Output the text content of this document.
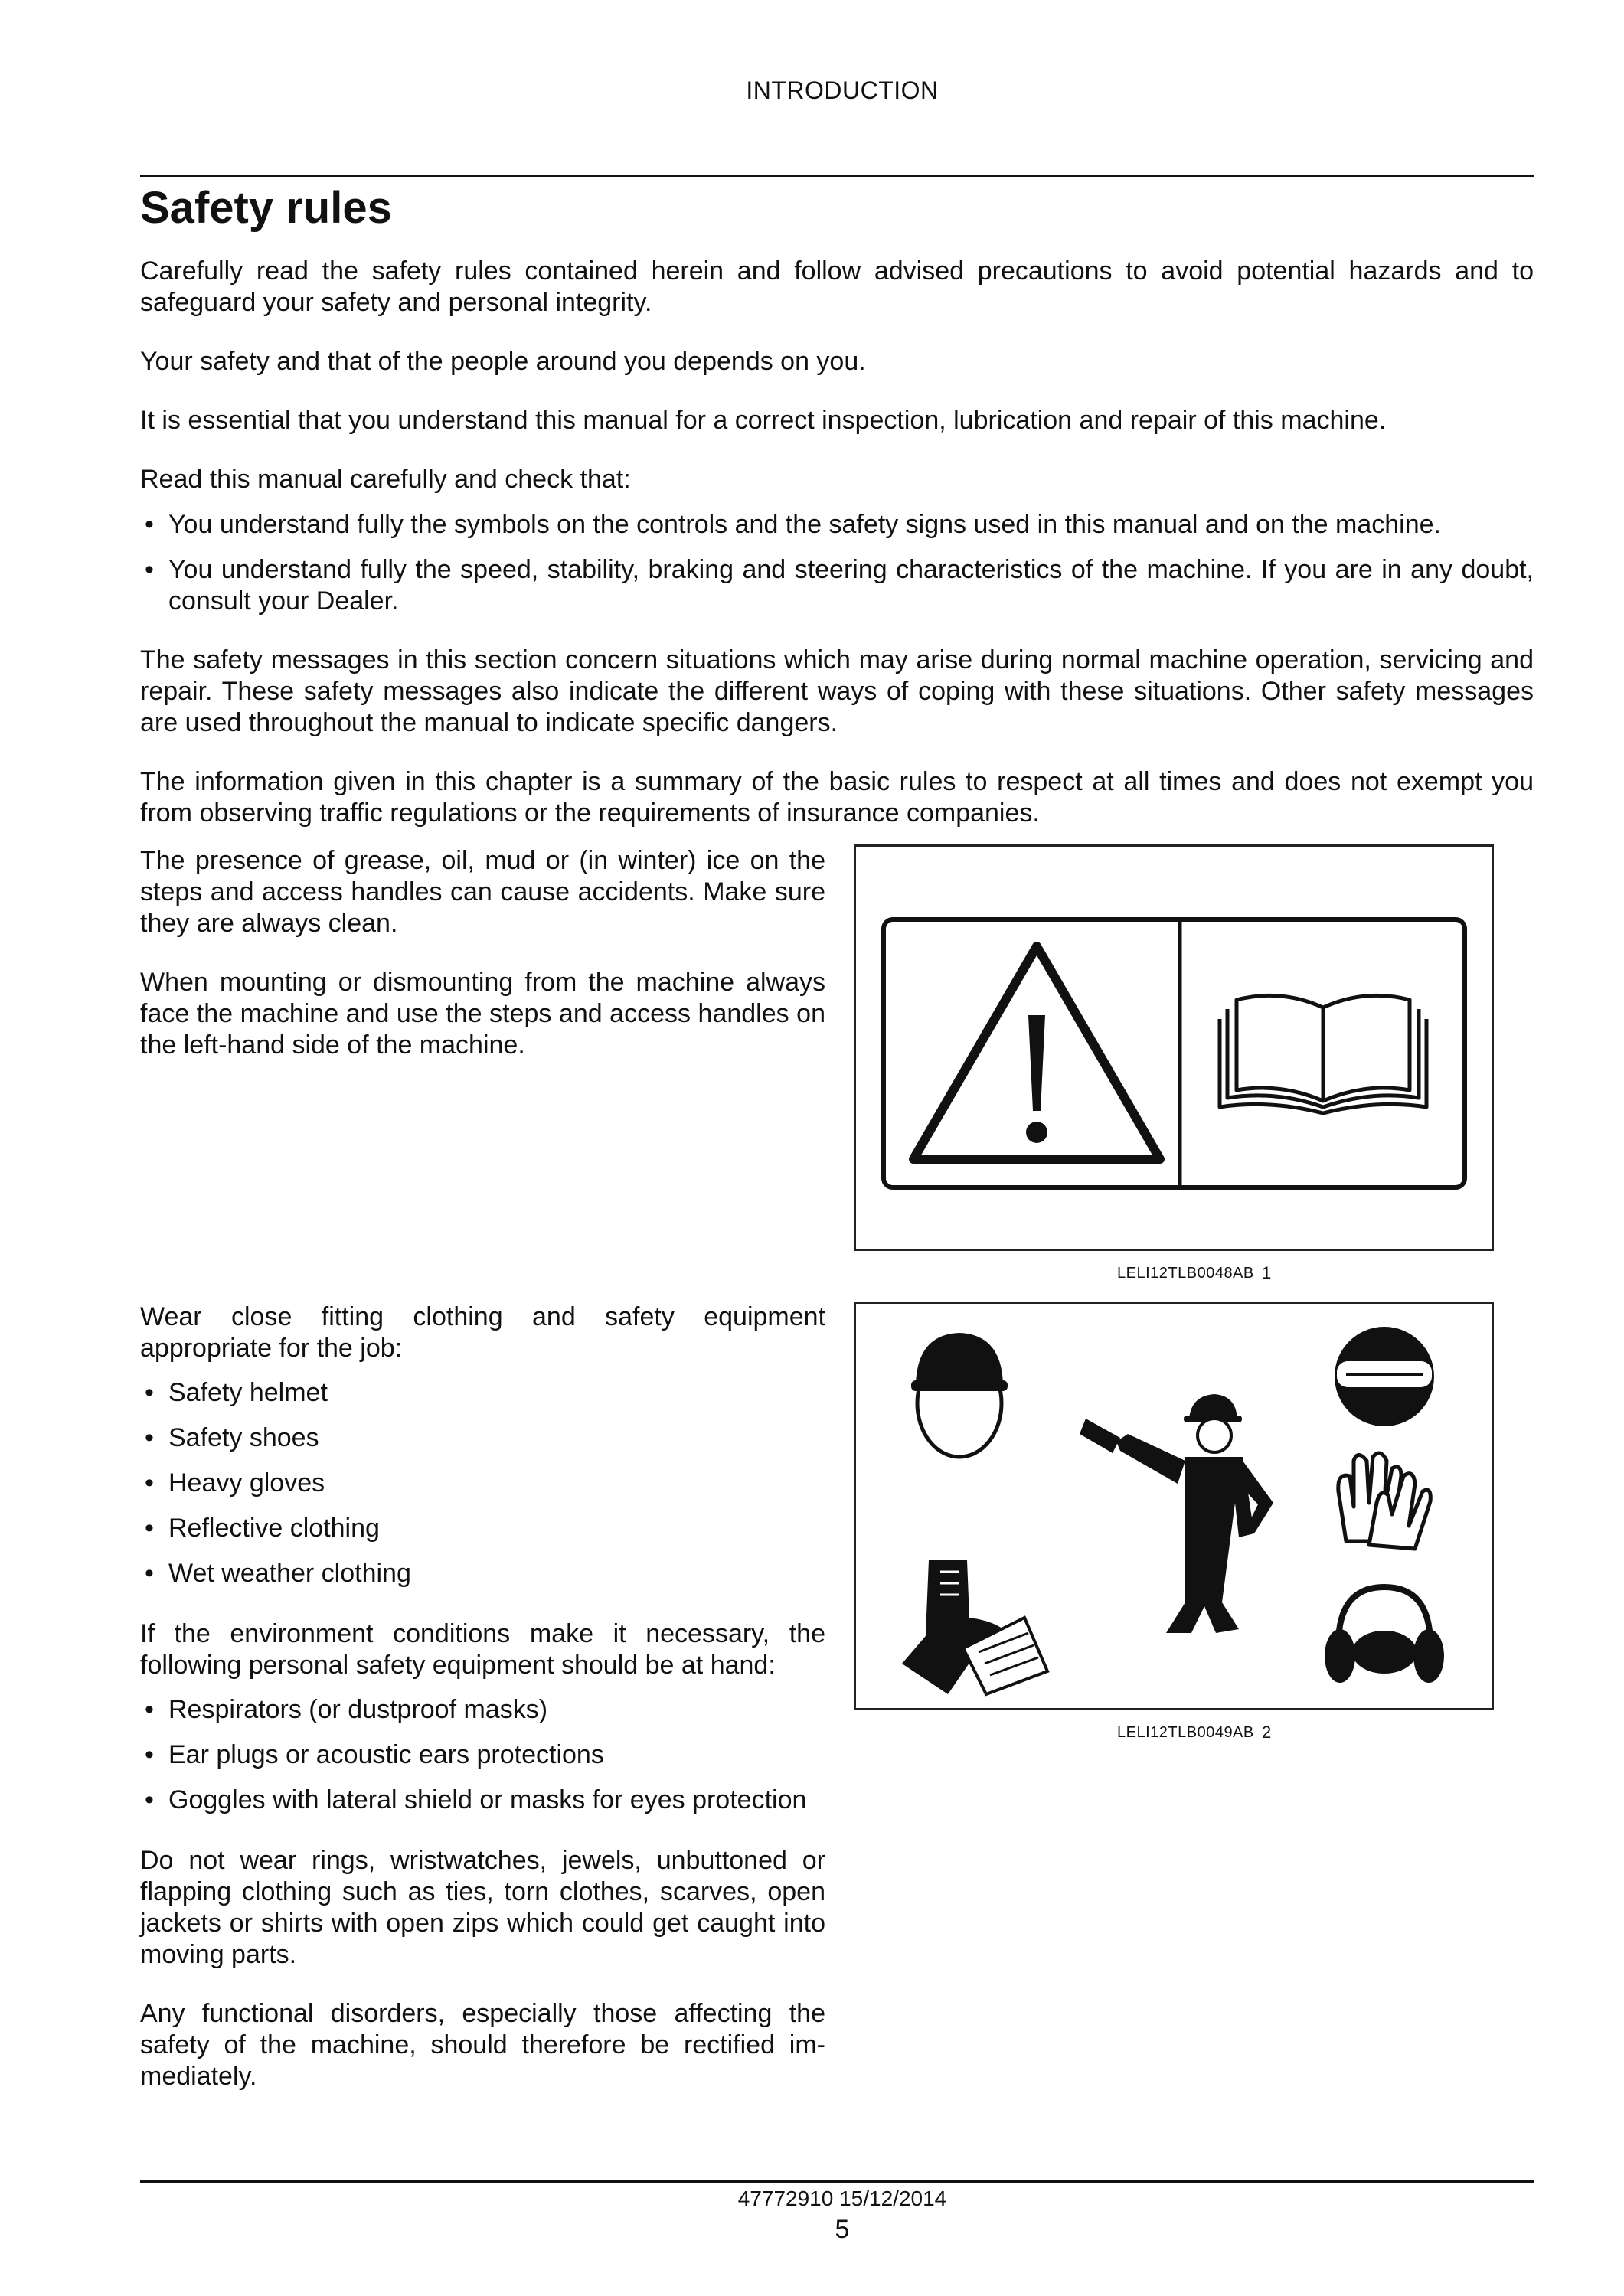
INTRODUCTION
Safety rules

Carefully read the safety rules contained herein and follow advised precautions to avoid potential hazards and to safeguard your safety and personal integrity.

Your safety and that of the people around you depends on you.

It is essential that you understand this manual for a correct inspection, lubrication and repair of this machine.

Read this manual carefully and check that:

• You understand fully the symbols on the controls and the safety signs used in this manual and on the machine.
• You understand fully the speed, stability, braking and steering characteristics of the machine. If you are in any doubt, consult your Dealer.

The safety messages in this section concern situations which may arise during normal machine operation, servicing and repair. These safety messages also indicate the different ways of coping with these situations. Other safety messages are used throughout the manual to indicate specific dangers.

The information given in this chapter is a summary of the basic rules to respect at all times and does not exempt you from observing traffic regulations or the requirements of insurance companies.

The presence of grease, oil, mud or (in winter) ice on the steps and access handles can cause accidents. Make sure they are always clean.

When mounting or dismounting from the machine always face the machine and use the steps and access handles on the left-hand side of the machine.

Wear close fitting clothing and safety equipment appropriate for the job:

• Safety helmet
• Safety shoes
• Heavy gloves
• Reflective clothing
• Wet weather clothing

If the environment conditions make it necessary, the following personal safety equipment should be at hand:

• Respirators (or dustproof masks)
• Ear plugs or acoustic ears protections
• Goggles with lateral shield or masks for eyes protection

Do not wear rings, wristwatches, jewels, unbuttoned or flapping clothing such as ties, torn clothes, scarves, open jackets or shirts with open zips which could get caught into moving parts.

Any functional disorders, especially those affecting the safety of the machine, should therefore be rectified im-mediately.

LELI12TLB0048AB 1
LELI12TLB0049AB 2
47772910 15/12/2014
5
